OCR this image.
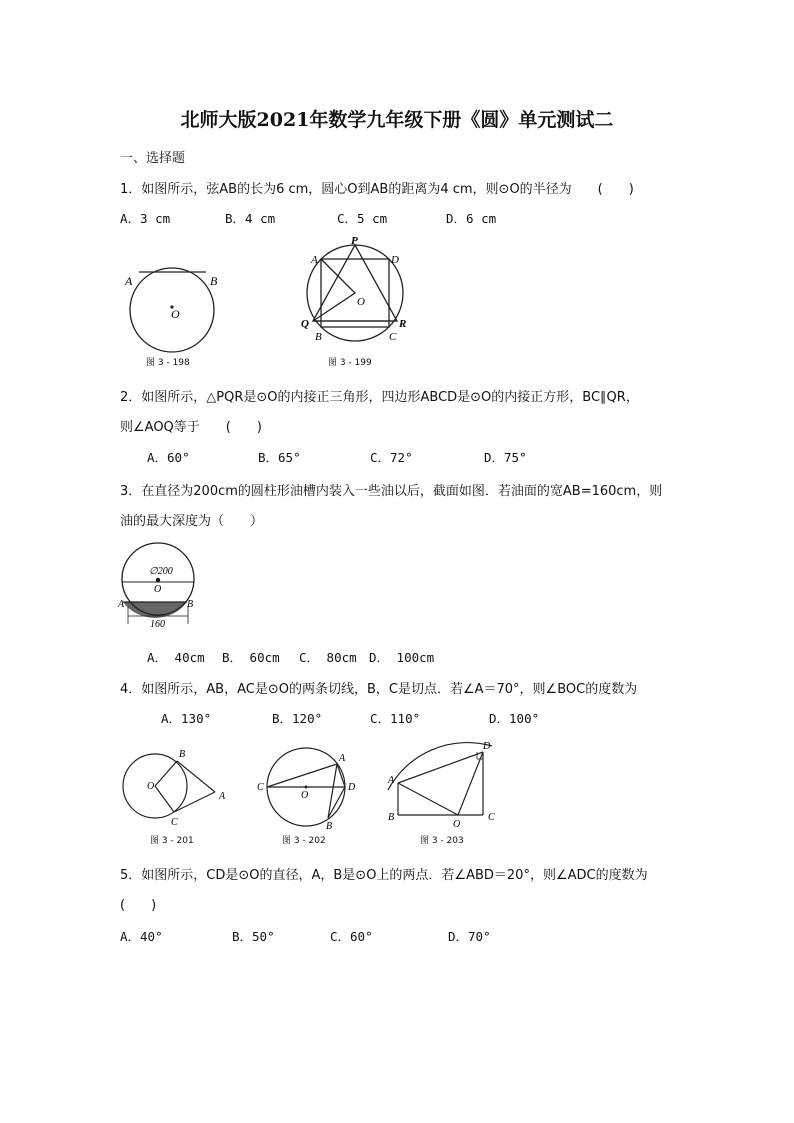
北师大版2021年数学九年级下册《圆》单元测试二
一、选择题
1．如图所示，弦AB的长为6 cm，圆心O到AB的距离为4 cm，则⊙O的半径为　　(　　)
A．3 cm	B．4 cm	C．5 cm	D．6 cm
A	B
O
图 3 - 198
P
A	D
O
Q	R
B	C
图 3 - 199
2．如图所示，△PQR是⊙O的内接正三角形，四边形ABCD是⊙O的内接正方形，BC∥QR，
则∠AOQ等于　　(　　)
A．60°	B．65°	C．72°	D．75°
3．在直径为200cm的圆柱形油槽内装入一些油以后，截面如图．若油面的宽AB=160cm，则
油的最大深度为（　　）
∅200
O
A	B
160
A． 40cm B． 60cm C． 80cm D． 100cm
4．如图所示，AB，AC是⊙O的两条切线，B，C是切点．若∠A＝70°，则∠BOC的度数为
A．130°	B．120°	C．110°	D．100°
B
O
A
C
图 3 - 201
A
C
O
D
B
图 3 - 202
D
A
B
O
C
图 3 - 203
5．如图所示，CD是⊙O的直径，A，B是⊙O上的两点．若∠ABD＝20°，则∠ADC的度数为
(　　)
A．40°	B．50°	C．60°	D．70°
